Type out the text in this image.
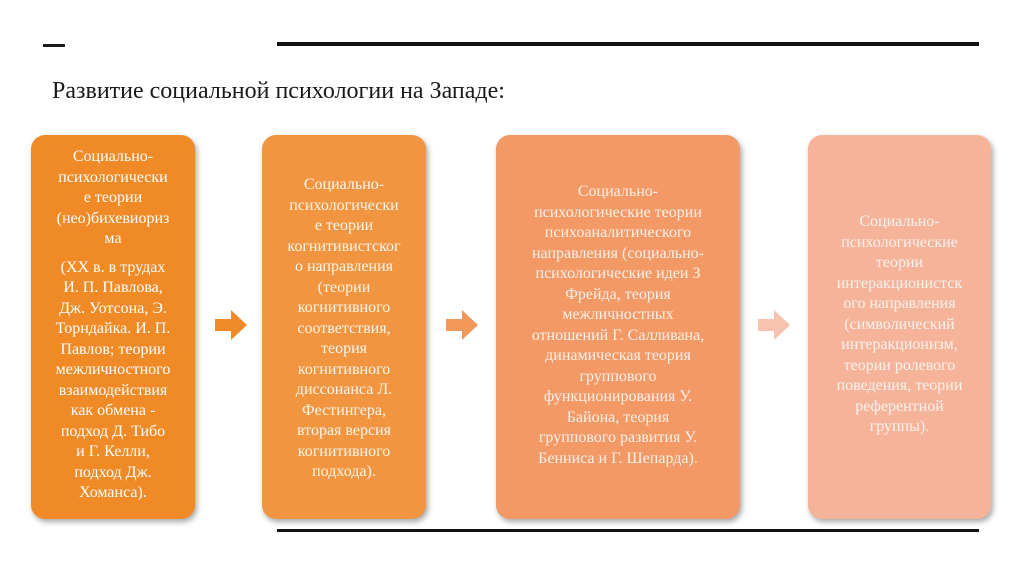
Развитие социальной психологии на Западе:

Социально-
психологически
е теории
(нео)бихевиориз
ма

(XX в. в трудах
И. П. Павлова,
Дж. Уотсона, Э.
Торндайка. И. П.
Павлов; теории
межличностного
взаимодействия
как обмена -
подход Д. Тибо
и Г. Келли,
подход Дж.
Хоманса).

Социально-
психологически
е теории
когнитивистског
о направления
(теории
когнитивного
соответствия,
теория
когнитивного
диссонанса Л.
Фестингера,
вторая версия
когнитивного
подхода).

Социально-
психологические теории
психоаналитического
направления (социально-
психологические идеи З
Фрейда, теория
межличностных
отношений Г. Салливана,
динамическая теория
группового
функционирования У.
Байона, теория
группового развития У.
Бенниса и Г. Шепарда).

Социально-
психологические
теории
интеракционистск
ого направления
(символический
интеракционизм,
теории ролевого
поведения, теории
референтной
группы).
